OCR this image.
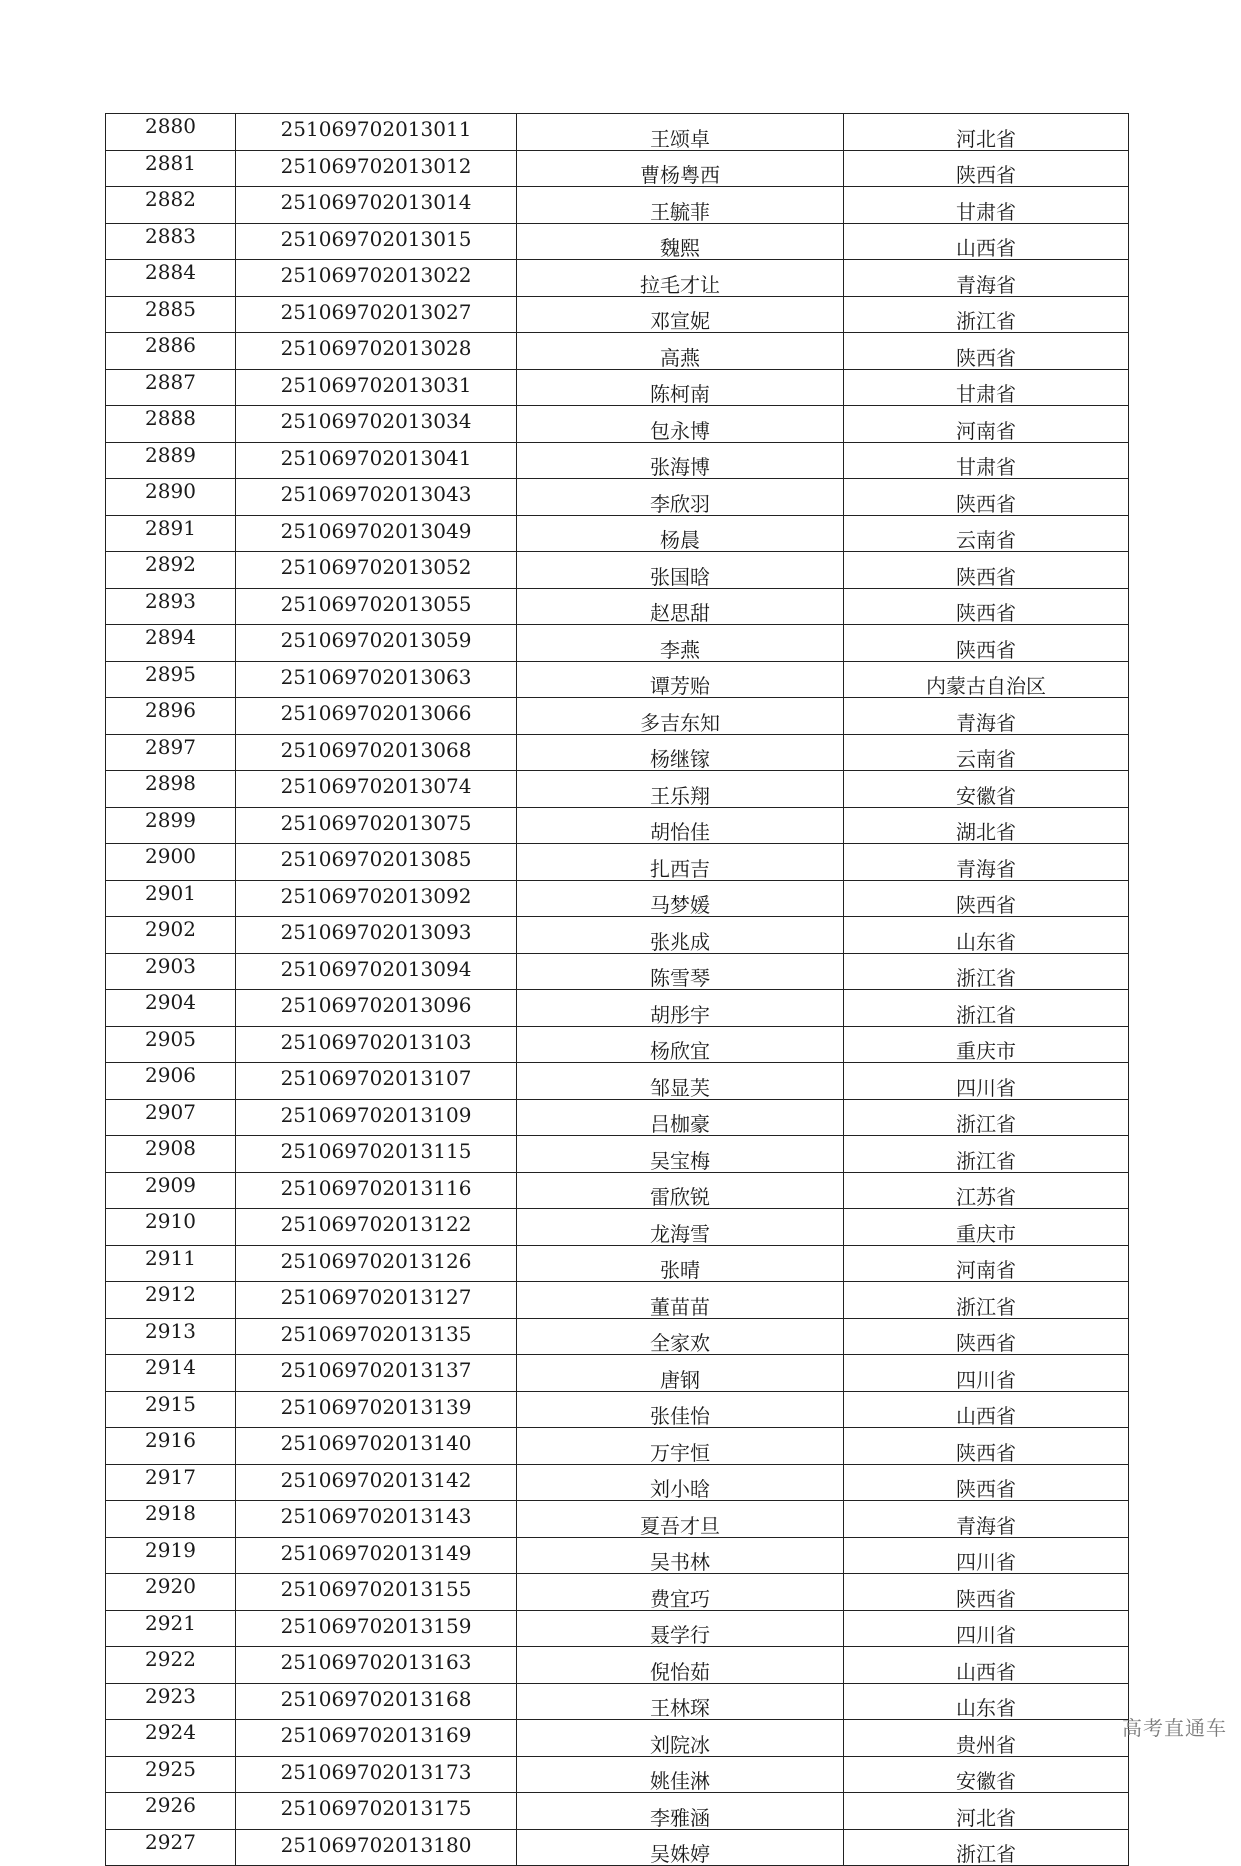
2880	251069702013011	王颂卓	河北省
2881	251069702013012	曹杨粤西	陕西省
2882	251069702013014	王毓菲	甘肃省
2883	251069702013015	魏熙	山西省
2884	251069702013022	拉毛才让	青海省
2885	251069702013027	邓宣妮	浙江省
2886	251069702013028	高燕	陕西省
2887	251069702013031	陈柯南	甘肃省
2888	251069702013034	包永博	河南省
2889	251069702013041	张海博	甘肃省
2890	251069702013043	李欣羽	陕西省
2891	251069702013049	杨晨	云南省
2892	251069702013052	张国晗	陕西省
2893	251069702013055	赵思甜	陕西省
2894	251069702013059	李燕	陕西省
2895	251069702013063	谭芳贻	内蒙古自治区
2896	251069702013066	多吉东知	青海省
2897	251069702013068	杨继镓	云南省
2898	251069702013074	王乐翔	安徽省
2899	251069702013075	胡怡佳	湖北省
2900	251069702013085	扎西吉	青海省
2901	251069702013092	马梦媛	陕西省
2902	251069702013093	张兆成	山东省
2903	251069702013094	陈雪琴	浙江省
2904	251069702013096	胡彤宇	浙江省
2905	251069702013103	杨欣宜	重庆市
2906	251069702013107	邹显芙	四川省
2907	251069702013109	吕枷豪	浙江省
2908	251069702013115	吴宝梅	浙江省
2909	251069702013116	雷欣锐	江苏省
2910	251069702013122	龙海雪	重庆市
2911	251069702013126	张晴	河南省
2912	251069702013127	董苗苗	浙江省
2913	251069702013135	全家欢	陕西省
2914	251069702013137	唐钢	四川省
2915	251069702013139	张佳怡	山西省
2916	251069702013140	万宇恒	陕西省
2917	251069702013142	刘小晗	陕西省
2918	251069702013143	夏吾才旦	青海省
2919	251069702013149	吴书林	四川省
2920	251069702013155	费宜巧	陕西省
2921	251069702013159	聂学行	四川省
2922	251069702013163	倪怡茹	山西省
2923	251069702013168	王林琛	山东省
2924	251069702013169	刘院冰	贵州省
2925	251069702013173	姚佳淋	安徽省
2926	251069702013175	李雅涵	河北省
2927	251069702013180	吴姝婷	浙江省
高考直通车
